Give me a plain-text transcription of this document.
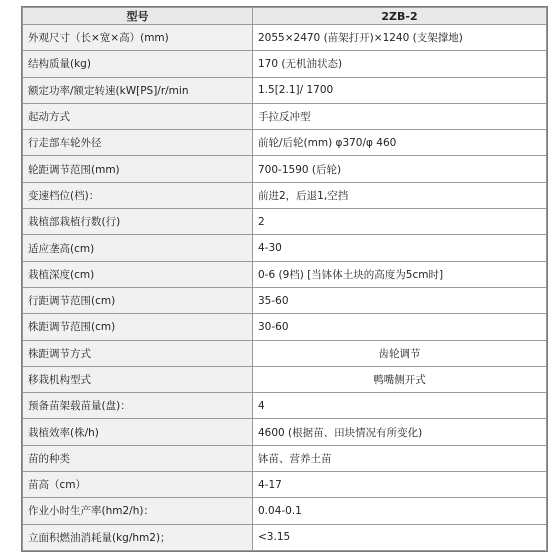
型号	2ZB-2
外观尺寸（长×宽×高）(mm)	2055×2470 (苗架打开)×1240 (支架撑地)
结构质量(kg)	170 (无机油状态)
额定功率/额定转速(kW[PS]/r/min	1.5[2.1]/ 1700
起动方式	手拉反冲型
行走部车轮外径	前轮/后轮(mm) φ370/φ 460
轮距调节范围(mm)	700-1590 (后轮)
变速档位(档)：	前进2，后退1,空挡
栽植部栽植行数(行)	2
适应垄高(cm)	4-30
栽植深度(cm)	0-6 (9档) [当钵体土块的高度为5cm时]
行距调节范围(cm)	35-60
株距调节范围(cm)	30-60
株距调节方式	齿轮调节
移栽机构型式	鸭嘴侧开式
预备苗架载苗量(盘)：	4
栽植效率(株/h)	4600 (根据苗、田块情况有所变化)
苗的种类	钵苗、营养土苗
苗高（cm）	4-17
作业小时生产率(hm2/h)：	0.04-0.1
立面积燃油消耗量(kg/hm2)；	<3.15
